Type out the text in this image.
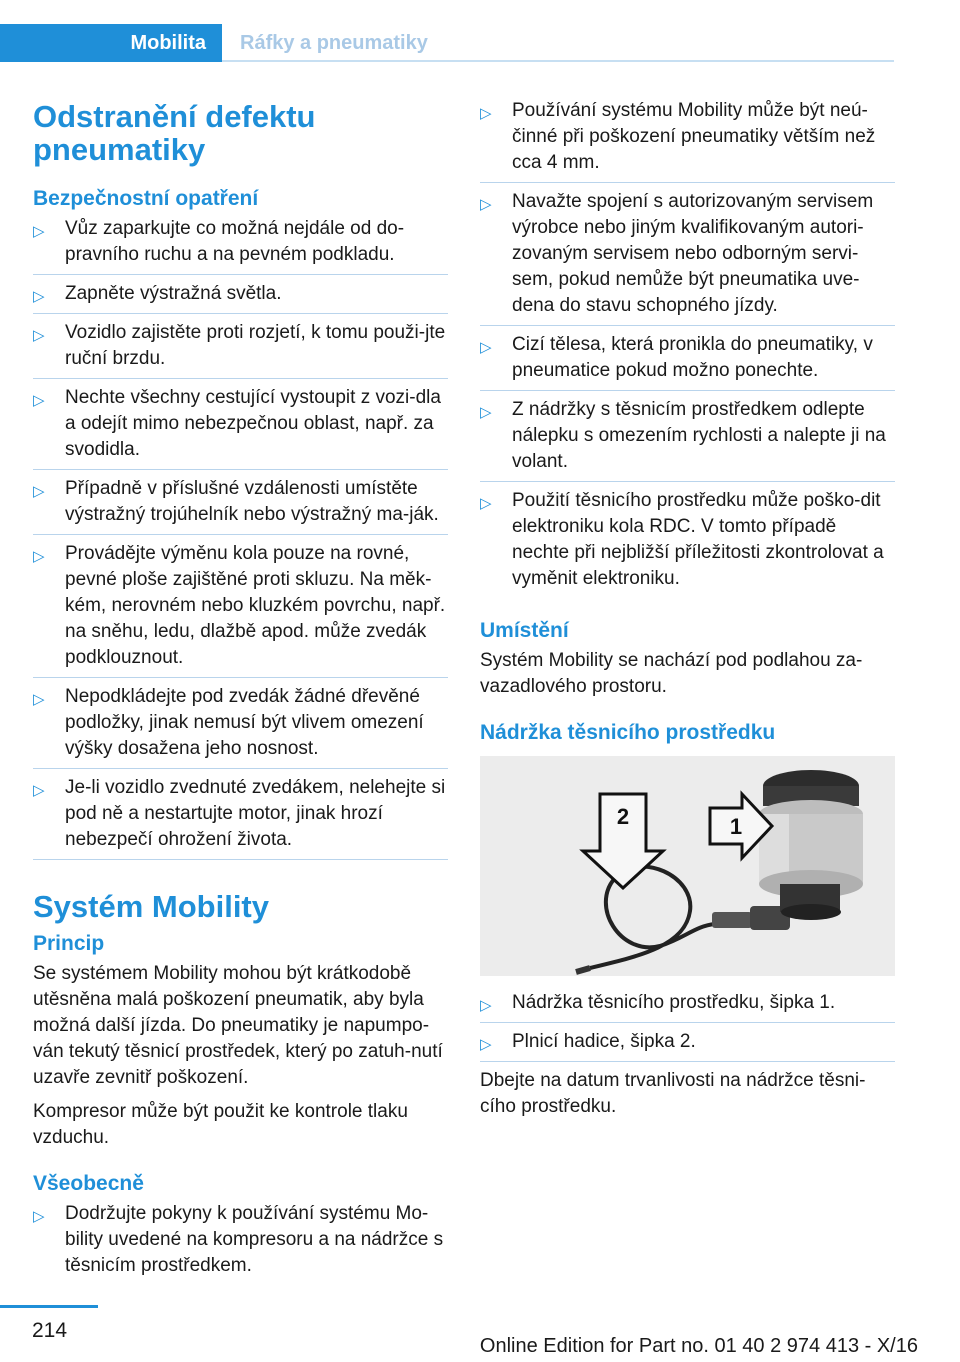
Mobilita	Ráfky a pneumatiky
Odstranění defektu pneumatiky
Bezpečnostní opatření
▷ Vůz zaparkujte co možná nejdále od do‐pravního ruchu a na pevném podkladu.
▷ Zapněte výstražná světla.
▷ Vozidlo zajistěte proti rozjetí, k tomu použi‐jte ruční brzdu.
▷ Nechte všechny cestující vystoupit z vozi‐dla a odejít mimo nebezpečnou oblast, např. za svodidla.
▷ Případně v příslušné vzdálenosti umístěte výstražný trojúhelník nebo výstražný ma‐ják.
▷ Provádějte výměnu kola pouze na rovné, pevné ploše zajištěné proti skluzu. Na měk‐kém, nerovném nebo kluzkém povrchu, např. na sněhu, ledu, dlažbě apod. může zvedák podklouznout.
▷ Nepodkládejte pod zvedák žádné dřevěné podložky, jinak nemusí být vlivem omezení výšky dosažena jeho nosnost.
▷ Je-li vozidlo zvednuté zvedákem, nelehejte si pod ně a nestartujte motor, jinak hrozí nebezpečí ohrožení života.
Systém Mobility
Princip

Se systémem Mobility mohou být krátkodobě utěsněna malá poškození pneumatik, aby byla možná další jízda. Do pneumatiky je napumpo‐ván tekutý těsnicí prostředek, který po zatuh‐nutí uzavře zevnitř poškození.

Kompresor může být použit ke kontrole tlaku vzduchu.

Všeobecně
▷ Dodržujte pokyny k používání systému Mo‐bility uvedené na kompresoru a na nádržce s těsnicím prostředkem.
▷ Používání systému Mobility může být neú‐činné při poškození pneumatiky větším než cca 4 mm.
▷ Navažte spojení s autorizovaným servisem výrobce nebo jiným kvalifikovaným autori‐zovaným servisem nebo odborným servi‐sem, pokud nemůže být pneumatika uve‐dena do stavu schopného jízdy.
▷ Cizí tělesa, která pronikla do pneumatiky, v pneumatice pokud možno ponechte.
▷ Z nádržky s těsnicím prostředkem odlepte nálepku s omezením rychlosti a nalepte ji na volant.
▷ Použití těsnicího prostředku může poško‐dit elektroniku kola RDC. V tomto případě nechte při nejbližší příležitosti zkontrolovat a vyměnit elektroniku.
Umístění

Systém Mobility se nachází pod podlahou za‐vazadlového prostoru.

Nádržka těsnicího prostředku
2	1
▷ Nádržka těsnicího prostředku, šipka 1.
▷ Plnicí hadice, šipka 2.

Dbejte na datum trvanlivosti na nádržce těsni‐cího prostředku.

214
Online Edition for Part no. 01 40 2 974 413 - X/16
